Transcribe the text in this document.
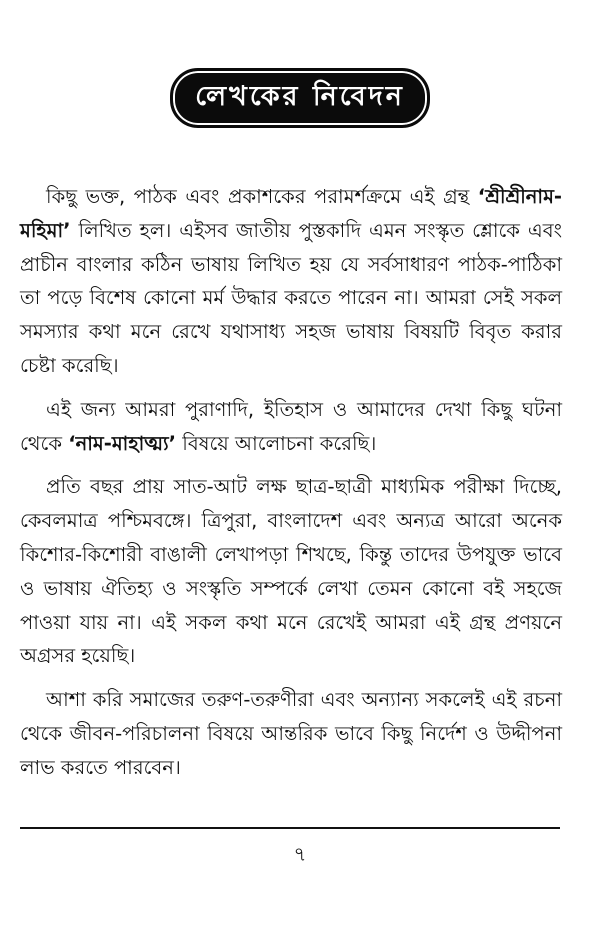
লেখকের নিবেদন

কিছু ভক্ত, পাঠক এবং প্রকাশকের পরামর্শক্রমে এই গ্রন্থ ‘শ্রীশ্রীনাম-মহিমা’ লিখিত হল। এইসব জাতীয় পুস্তকাদি এমন সংস্কৃত শ্লোকে এবং প্রাচীন বাংলার কঠিন ভাষায় লিখিত হয় যে সর্বসাধারণ পাঠক-পাঠিকা তা পড়ে বিশেষ কোনো মর্ম উদ্ধার করতে পারেন না। আমরা সেই সকল সমস্যার কথা মনে রেখে যথাসাধ্য সহজ ভাষায় বিষয়টি বিবৃত করার চেষ্টা করেছি।

এই জন্য আমরা পুরাণাদি, ইতিহাস ও আমাদের দেখা কিছু ঘটনা থেকে ‘নাম-মাহাত্ম্য’ বিষয়ে আলোচনা করেছি।

প্রতি বছর প্রায় সাত-আট লক্ষ ছাত্র-ছাত্রী মাধ্যমিক পরীক্ষা দিচ্ছে, কেবলমাত্র পশ্চিমবঙ্গে। ত্রিপুরা, বাংলাদেশ এবং অন্যত্র আরো অনেক কিশোর-কিশোরী বাঙালী লেখাপড়া শিখছে, কিন্তু তাদের উপযুক্ত ভাবে ও ভাষায় ঐতিহ্য ও সংস্কৃতি সম্পর্কে লেখা তেমন কোনো বই সহজে পাওয়া যায় না। এই সকল কথা মনে রেখেই আমরা এই গ্রন্থ প্রণয়নে অগ্রসর হয়েছি।

আশা করি সমাজের তরুণ-তরুণীরা এবং অন্যান্য সকলেই এই রচনা থেকে জীবন-পরিচালনা বিষয়ে আন্তরিক ভাবে কিছু নির্দেশ ও উদ্দীপনা লাভ করতে পারবেন।

৭
